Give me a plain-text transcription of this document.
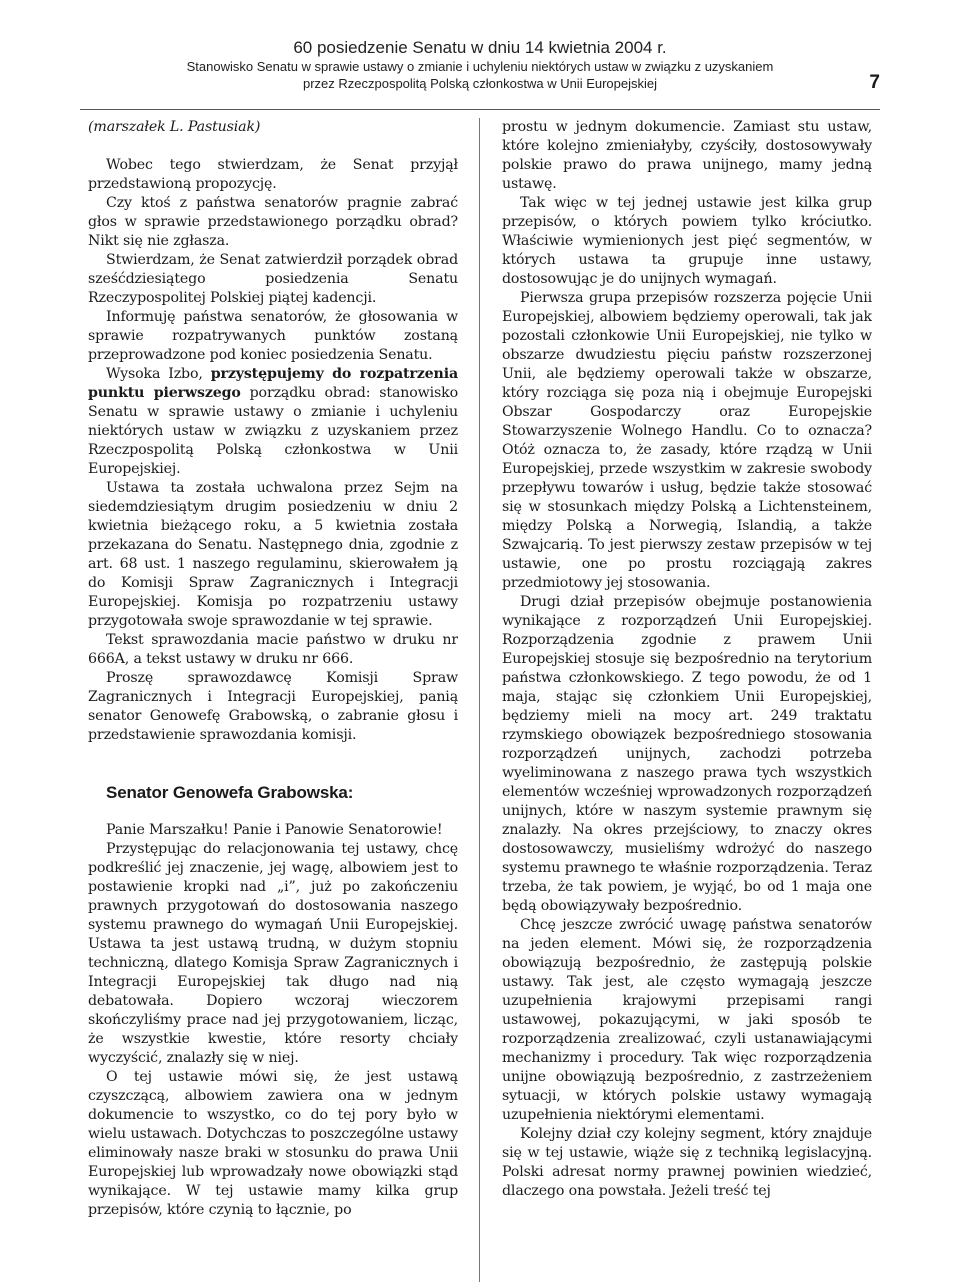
60 posiedzenie Senatu w dniu 14 kwietnia 2004 r.
Stanowisko Senatu w sprawie ustawy o zmianie i uchyleniu niektórych ustaw w związku z uzyskaniem
przez Rzeczpospolitą Polską członkostwa w Unii Europejskiej	7

(marszałek L. Pastusiak)

Wobec tego stwierdzam, że Senat przyjął przedstawioną propozycję.

Czy ktoś z państwa senatorów pragnie zabrać głos w sprawie przedstawionego porządku obrad? Nikt się nie zgłasza.

Stwierdzam, że Senat zatwierdził porządek obrad sześćdziesiątego posiedzenia Senatu Rzeczypospolitej Polskiej piątej kadencji.

Informuję państwa senatorów, że głosowania w sprawie rozpatrywanych punktów zostaną przeprowadzone pod koniec posiedzenia Senatu.

Wysoka Izbo, przystępujemy do rozpatrzenia punktu pierwszego porządku obrad: stanowisko Senatu w sprawie ustawy o zmianie i uchyleniu niektórych ustaw w związku z uzyskaniem przez Rzeczpospolitą Polską członkostwa w Unii Europejskiej.

Ustawa ta została uchwalona przez Sejm na siedemdziesiątym drugim posiedzeniu w dniu 2 kwietnia bieżącego roku, a 5 kwietnia została przekazana do Senatu. Następnego dnia, zgodnie z art. 68 ust. 1 naszego regulaminu, skierowałem ją do Komisji Spraw Zagranicznych i Integracji Europejskiej. Komisja po rozpatrzeniu ustawy przygotowała swoje sprawozdanie w tej sprawie.

Tekst sprawozdania macie państwo w druku nr 666A, a tekst ustawy w druku nr 666.

Proszę sprawozdawcę Komisji Spraw Zagranicznych i Integracji Europejskiej, panią senator Genowefę Grabowską, o zabranie głosu i przedstawienie sprawozdania komisji.

Senator Genowefa Grabowska:

Panie Marszałku! Panie i Panowie Senatorowie!

Przystępując do relacjonowania tej ustawy, chcę podkreślić jej znaczenie, jej wagę, albowiem jest to postawienie kropki nad „i”, już po zakończeniu prawnych przygotowań do dostosowania naszego systemu prawnego do wymagań Unii Europejskiej. Ustawa ta jest ustawą trudną, w dużym stopniu techniczną, dlatego Komisja Spraw Zagranicznych i Integracji Europejskiej tak długo nad nią debatowała. Dopiero wczoraj wieczorem skończyliśmy prace nad jej przygotowaniem, licząc, że wszystkie kwestie, które resorty chciały wyczyścić, znalazły się w niej.

O tej ustawie mówi się, że jest ustawą czyszczącą, albowiem zawiera ona w jednym dokumencie to wszystko, co do tej pory było w wielu ustawach. Dotychczas to poszczególne ustawy eliminowały nasze braki w stosunku do prawa Unii Europejskiej lub wprowadzały nowe obowiązki stąd wynikające. W tej ustawie mamy kilka grup przepisów, które czynią to łącznie, po

prostu w jednym dokumencie. Zamiast stu ustaw, które kolejno zmieniałyby, czyściły, dostosowywały polskie prawo do prawa unijnego, mamy jedną ustawę.

Tak więc w tej jednej ustawie jest kilka grup przepisów, o których powiem tylko króciutko. Właściwie wymienionych jest pięć segmentów, w których ustawa ta grupuje inne ustawy, dostosowując je do unijnych wymagań.

Pierwsza grupa przepisów rozszerza pojęcie Unii Europejskiej, albowiem będziemy operowali, tak jak pozostali członkowie Unii Europejskiej, nie tylko w obszarze dwudziestu pięciu państw rozszerzonej Unii, ale będziemy operowali także w obszarze, który rozciąga się poza nią i obejmuje Europejski Obszar Gospodarczy oraz Europejskie Stowarzyszenie Wolnego Handlu. Co to oznacza? Otóż oznacza to, że zasady, które rządzą w Unii Europejskiej, przede wszystkim w zakresie swobody przepływu towarów i usług, będzie także stosować się w stosunkach między Polską a Lichtensteinem, między Polską a Norwegią, Islandią, a także Szwajcarią. To jest pierwszy zestaw przepisów w tej ustawie, one po prostu rozciągają zakres przedmiotowy jej stosowania.

Drugi dział przepisów obejmuje postanowienia wynikające z rozporządzeń Unii Europejskiej. Rozporządzenia zgodnie z prawem Unii Europejskiej stosuje się bezpośrednio na terytorium państwa członkowskiego. Z tego powodu, że od 1 maja, stając się członkiem Unii Europejskiej, będziemy mieli na mocy art. 249 traktatu rzymskiego obowiązek bezpośredniego stosowania rozporządzeń unijnych, zachodzi potrzeba wyeliminowana z naszego prawa tych wszystkich elementów wcześniej wprowadzonych rozporządzeń unijnych, które w naszym systemie prawnym się znalazły. Na okres przejściowy, to znaczy okres dostosowawczy, musieliśmy wdrożyć do naszego systemu prawnego te właśnie rozporządzenia. Teraz trzeba, że tak powiem, je wyjąć, bo od 1 maja one będą obowiązywały bezpośrednio.

Chcę jeszcze zwrócić uwagę państwa senatorów na jeden element. Mówi się, że rozporządzenia obowiązują bezpośrednio, że zastępują polskie ustawy. Tak jest, ale często wymagają jeszcze uzupełnienia krajowymi przepisami rangi ustawowej, pokazującymi, w jaki sposób te rozporządzenia zrealizować, czyli ustanawiającymi mechanizmy i procedury. Tak więc rozporządzenia unijne obowiązują bezpośrednio, z zastrzeżeniem sytuacji, w których polskie ustawy wymagają uzupełnienia niektórymi elementami.

Kolejny dział czy kolejny segment, który znajduje się w tej ustawie, wiąże się z techniką legislacyjną. Polski adresat normy prawnej powinien wiedzieć, dlaczego ona powstała. Jeżeli treść tej
